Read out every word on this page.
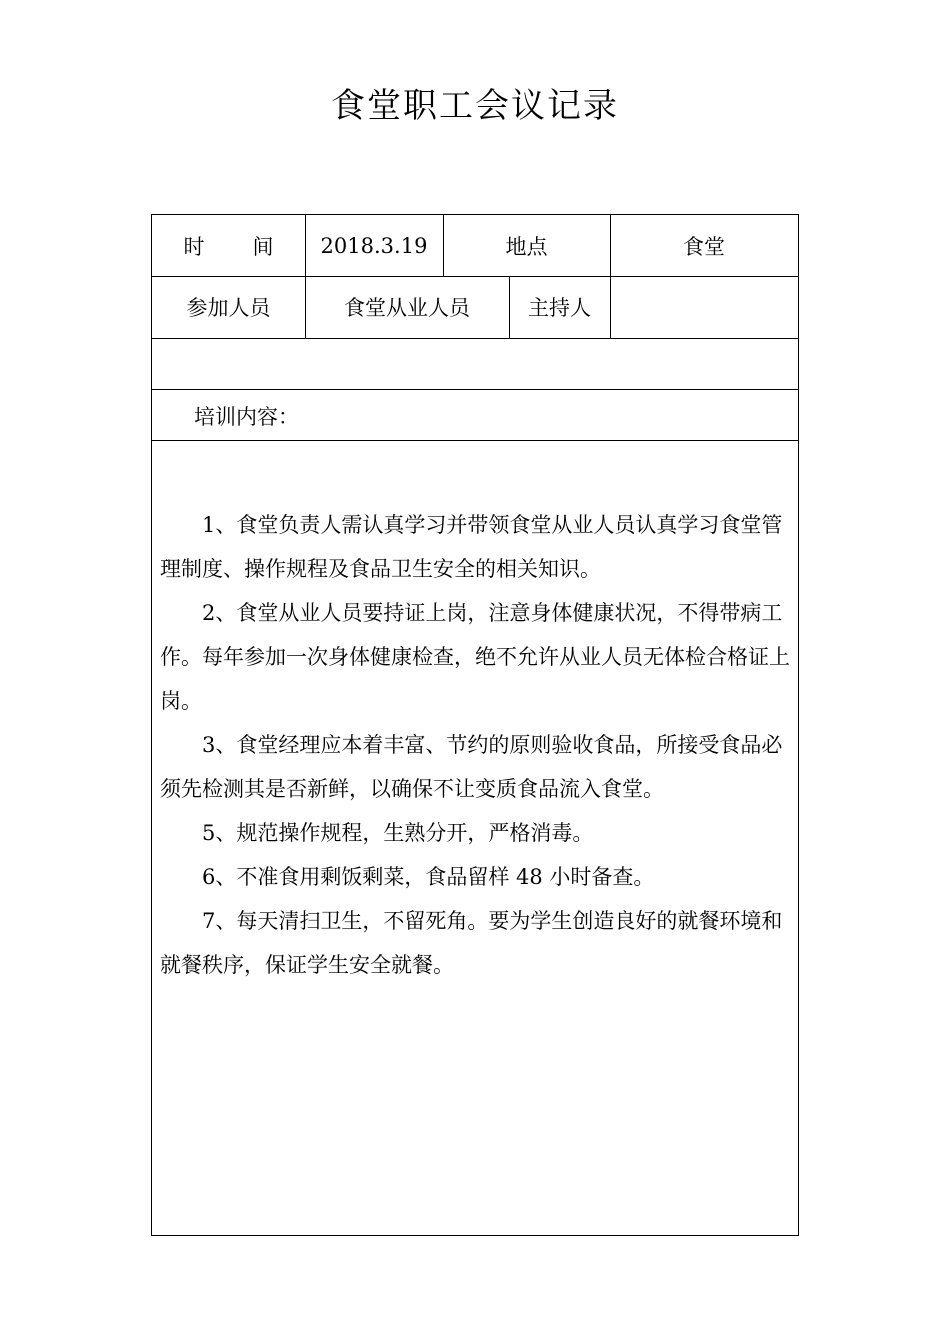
食堂职工会议记录
时 间	2018.3.19	地点	食堂
参加人员	食堂从业人员	主持人
培训内容：

1、食堂负责人需认真学习并带领食堂从业人员认真学习食堂管理制度、操作规程及食品卫生安全的相关知识。

2、食堂从业人员要持证上岗，注意身体健康状况，不得带病工作。每年参加一次身体健康检查，绝不允许从业人员无体检合格证上岗。

3、食堂经理应本着丰富、节约的原则验收食品，所接受食品必须先检测其是否新鲜，以确保不让变质食品流入食堂。

5、规范操作规程，生熟分开，严格消毒。

6、不准食用剩饭剩菜，食品留样 48 小时备查。

7、每天清扫卫生，不留死角。要为学生创造良好的就餐环境和就餐秩序，保证学生安全就餐。
